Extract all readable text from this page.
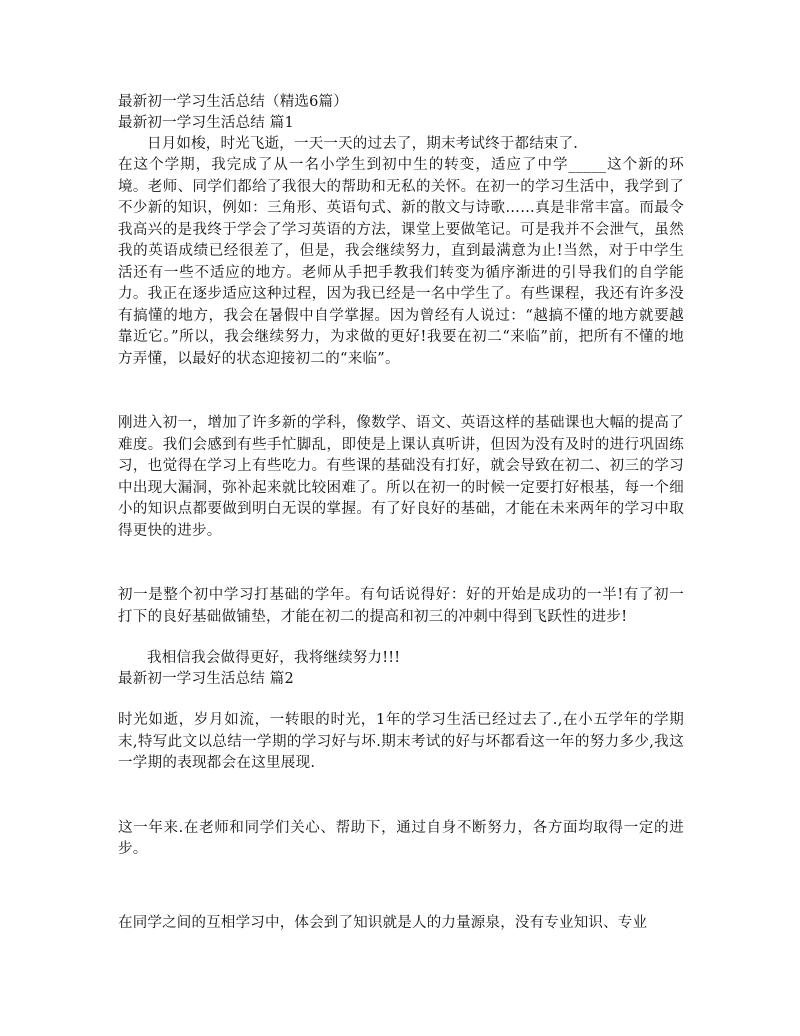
最新初一学习生活总结（精选6篇）

最新初一学习生活总结 篇1

日月如梭，时光飞逝，一天一天的过去了，期末考试终于都结束了.

在这个学期，我完成了从一名小学生到初中生的转变，适应了中学_____这个新的环境。老师、同学们都给了我很大的帮助和无私的关怀。在初一的学习生活中，我学到了不少新的知识，例如：三角形、英语句式、新的散文与诗歌……真是非常丰富。而最令我高兴的是我终于学会了学习英语的方法，课堂上要做笔记。可是我并不会泄气，虽然我的英语成绩已经很差了，但是，我会继续努力，直到最满意为止!当然，对于中学生活还有一些不适应的地方。老师从手把手教我们转变为循序渐进的引导我们的自学能力。我正在逐步适应这种过程，因为我已经是一名中学生了。有些课程，我还有许多没有搞懂的地方，我会在暑假中自学掌握。因为曾经有人说过：“越搞不懂的地方就要越靠近它。”所以，我会继续努力，为求做的更好!我要在初二“来临”前，把所有不懂的地方弄懂，以最好的状态迎接初二的“来临”。

刚进入初一，增加了许多新的学科，像数学、语文、英语这样的基础课也大幅的提高了难度。我们会感到有些手忙脚乱，即使是上课认真听讲，但因为没有及时的进行巩固练习，也觉得在学习上有些吃力。有些课的基础没有打好，就会导致在初二、初三的学习中出现大漏洞，弥补起来就比较困难了。所以在初一的时候一定要打好根基，每一个细小的知识点都要做到明白无误的掌握。有了好良好的基础，才能在未来两年的学习中取得更快的进步。

初一是整个初中学习打基础的学年。有句话说得好：好的开始是成功的一半!有了初一打下的良好基础做铺垫，才能在初二的提高和初三的冲刺中得到飞跃性的进步!

我相信我会做得更好，我将继续努力!!!

最新初一学习生活总结 篇2

时光如逝，岁月如流，一转眼的时光，1年的学习生活已经过去了.,在小五学年的学期末,特写此文以总结一学期的学习好与坏.期末考试的好与坏都看这一年的努力多少,我这一学期的表现都会在这里展现.

这一年来.在老师和同学们关心、帮助下，通过自身不断努力，各方面均取得一定的进步。

在同学之间的互相学习中，体会到了知识就是人的力量源泉，没有专业知识、专业
